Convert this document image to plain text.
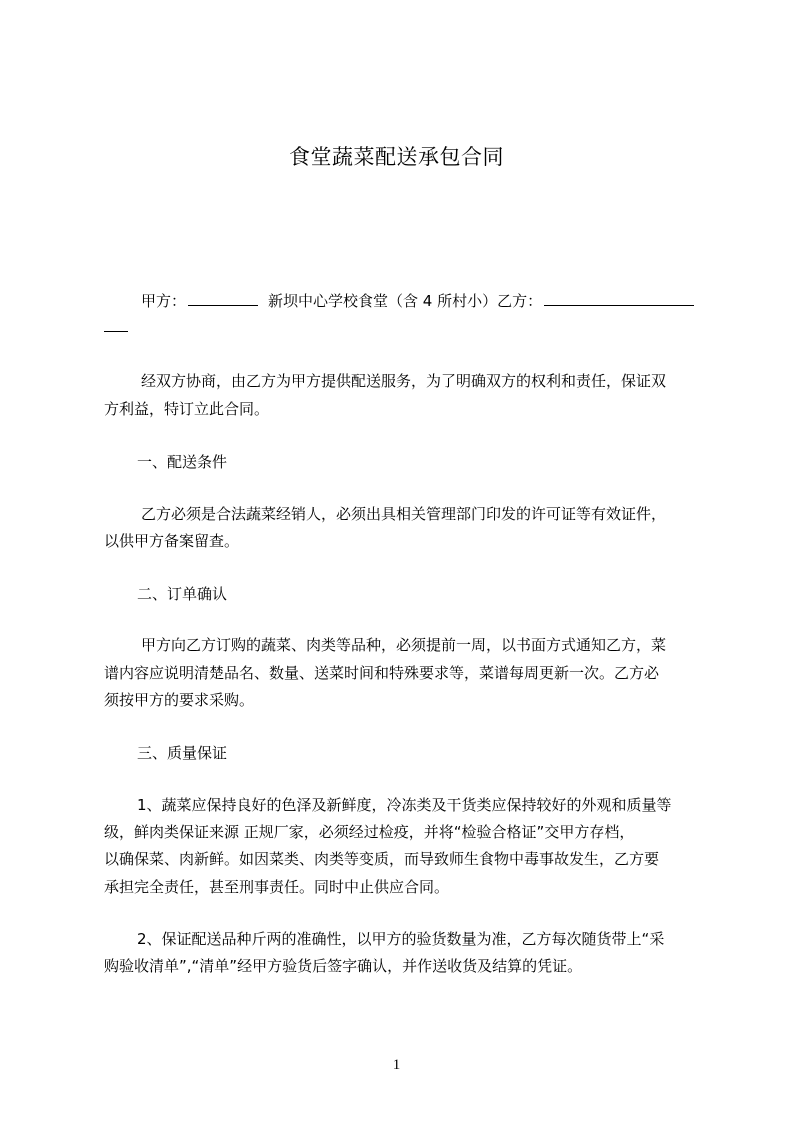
食堂蔬菜配送承包合同
甲方：	新坝中心学校食堂（含 4 所村小）乙方：
经双方协商，由乙方为甲方提供配送服务，为了明确双方的权利和责任，保证双
方利益，特订立此合同。
一、配送条件
乙方必须是合法蔬菜经销人，必须出具相关管理部门印发的许可证等有效证件，
以供甲方备案留查。
二、订单确认
甲方向乙方订购的蔬菜、肉类等品种，必须提前一周，以书面方式通知乙方，菜
谱内容应说明清楚品名、数量、送菜时间和特殊要求等，菜谱每周更新一次。乙方必
须按甲方的要求采购。
三、质量保证
1、蔬菜应保持良好的色泽及新鲜度，冷冻类及干货类应保持较好的外观和质量等
级，鲜肉类保证来源 正规厂家，必须经过检疫，并将“检验合格证”交甲方存档，
以确保菜、肉新鲜。如因菜类、肉类等变质，而导致师生食物中毒事故发生，乙方要
承担完全责任，甚至刑事责任。同时中止供应合同。
2、保证配送品种斤两的准确性，以甲方的验货数量为准，乙方每次随货带上“采
购验收清单”,“清单”经甲方验货后签字确认，并作送收货及结算的凭证。
1
